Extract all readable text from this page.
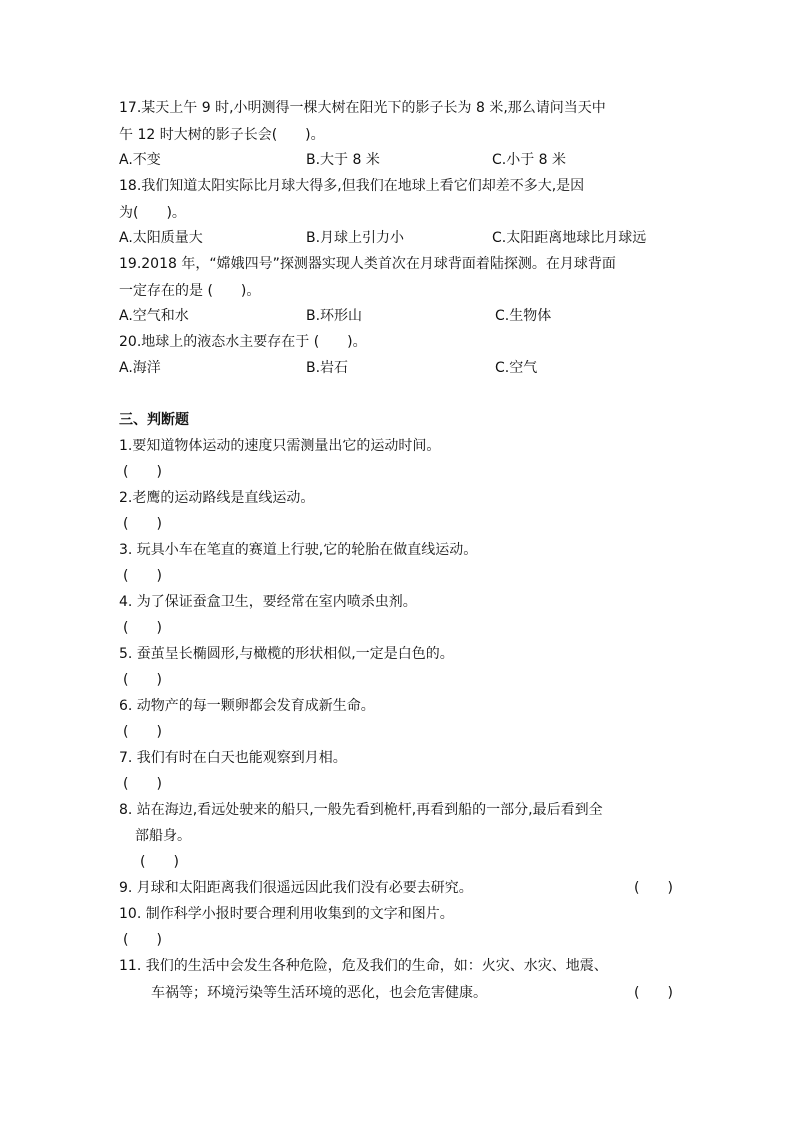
17.某天上午 9 时,小明测得一棵大树在阳光下的影子长为 8 米,那么请问当天中
午 12 时大树的影子长会(　　)。
A.不变	B.大于 8 米	C.小于 8 米
18.我们知道太阳实际比月球大得多,但我们在地球上看它们却差不多大,是因
为(　　)。
A.太阳质量大	B.月球上引力小	C.太阳距离地球比月球远
19.2018 年，“嫦娥四号”探测器实现人类首次在月球背面着陆探测。在月球背面
一定存在的是 (　　)。
A.空气和水	B.环形山	C.生物体
20.地球上的液态水主要存在于 (　　)。
A.海洋	B.岩石	C.空气
三、判断题
1.要知道物体运动的速度只需测量出它的运动时间。
(　　)
2.老鹰的运动路线是直线运动。
(　　)
3. 玩具小车在笔直的赛道上行驶,它的轮胎在做直线运动。
(　　)
4. 为了保证蚕盒卫生，要经常在室内喷杀虫剂。
(　　)
5. 蚕茧呈长椭圆形,与橄榄的形状相似,一定是白色的。
(　　)
6. 动物产的每一颗卵都会发育成新生命。
(　　)
7. 我们有时在白天也能观察到月相。
(　　)
8. 站在海边,看远处驶来的船只,一般先看到桅杆,再看到船的一部分,最后看到全
部船身。
(　　)
9. 月球和太阳距离我们很遥远因此我们没有必要去研究。	(　　)
10. 制作科学小报时要合理利用收集到的文字和图片。
(　　)
11. 我们的生活中会发生各种危险，危及我们的生命，如：火灾、水灾、地震、
车祸等；环境污染等生活环境的恶化，也会危害健康。	(　　)
